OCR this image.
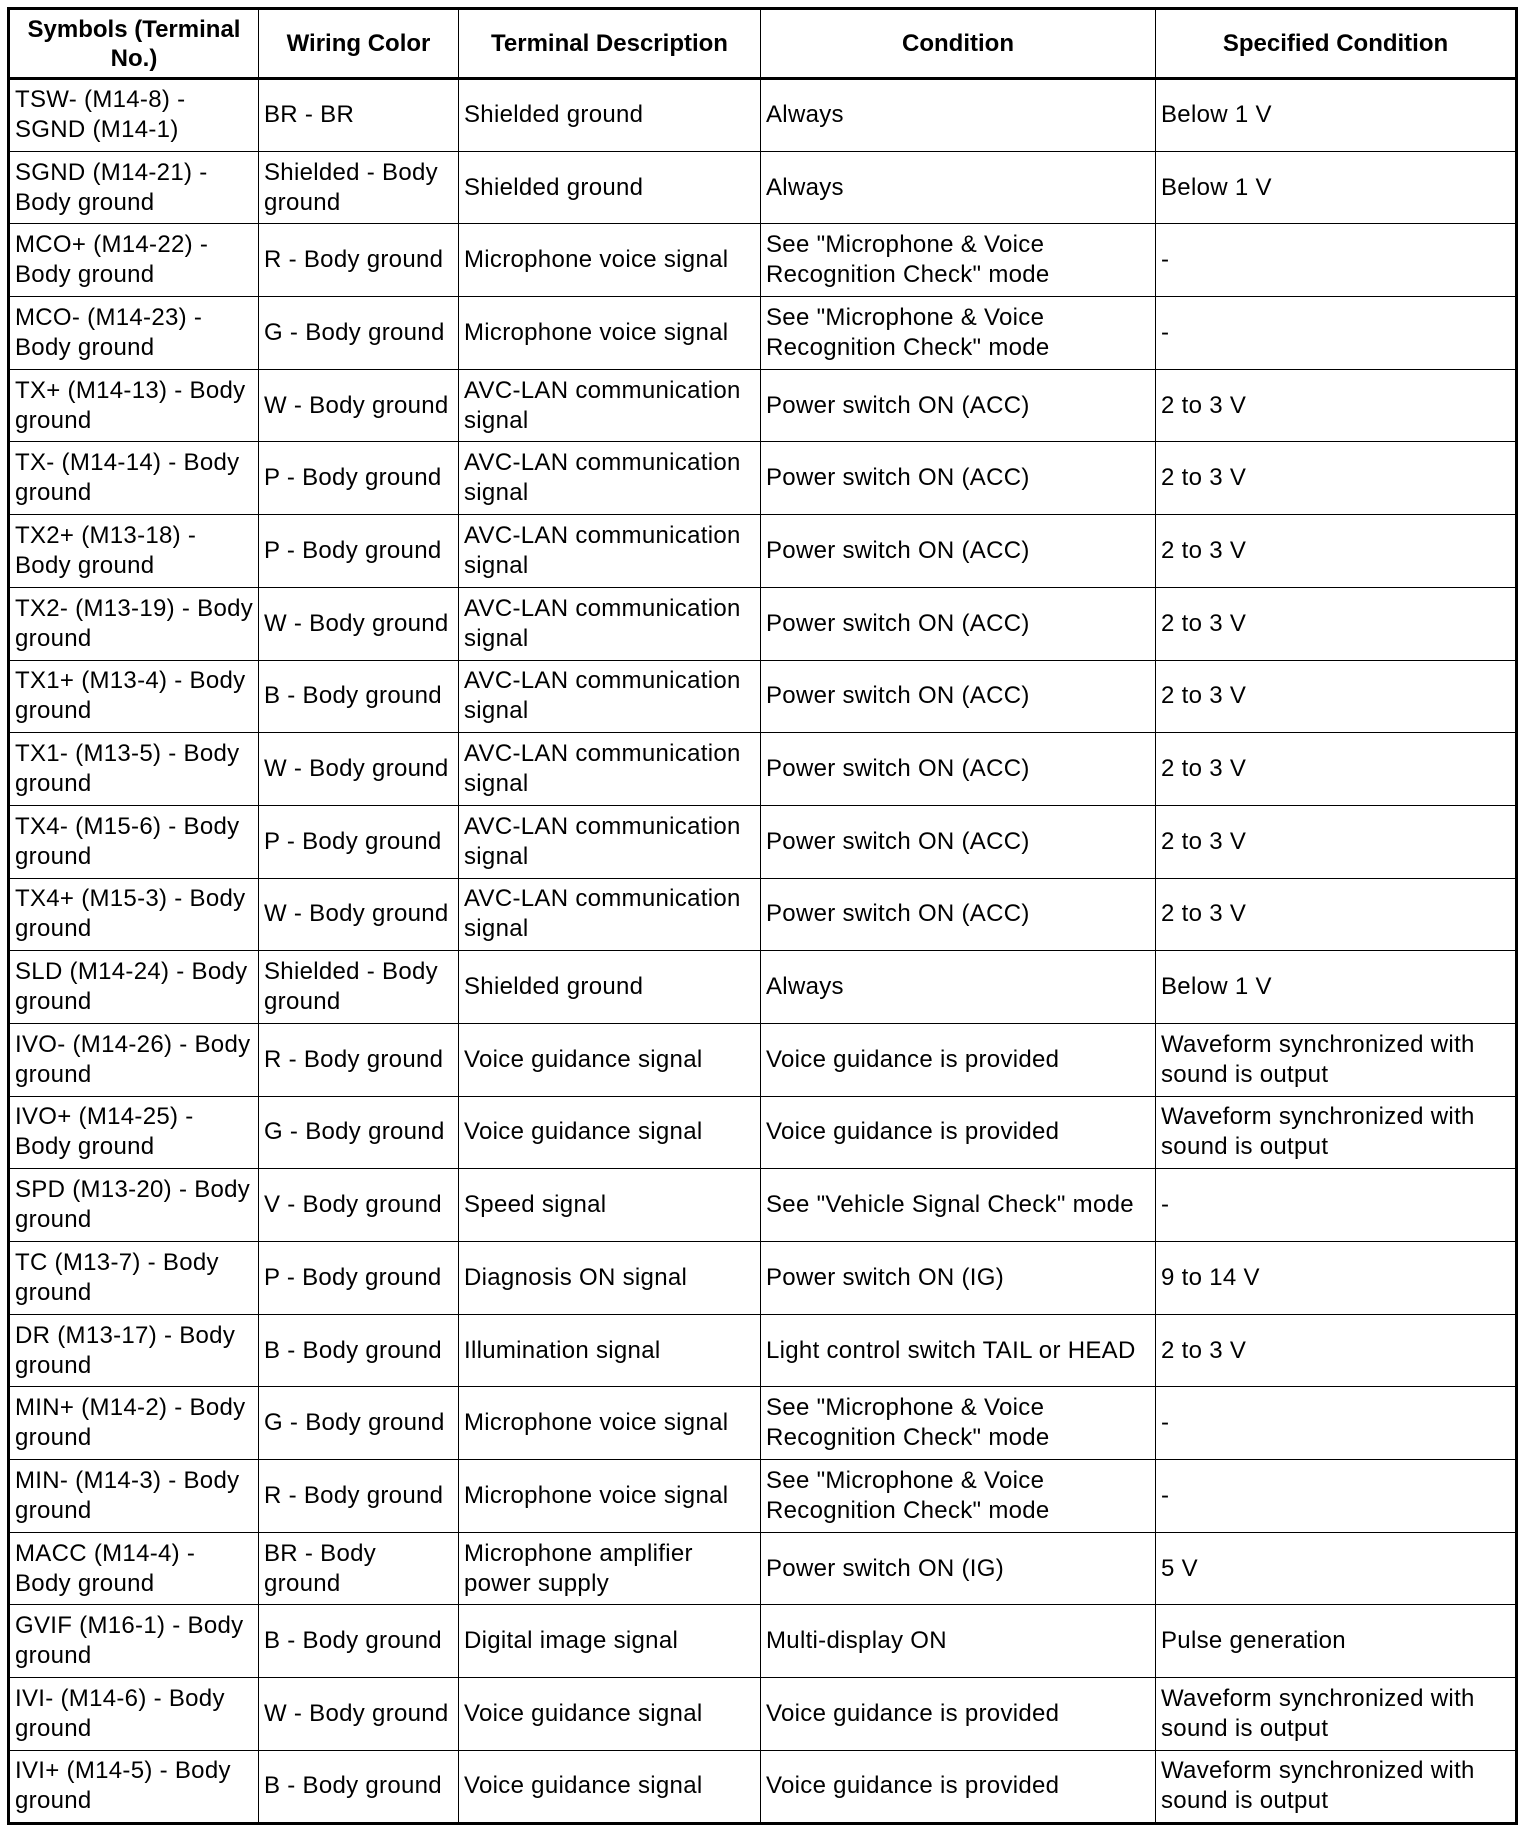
Symbols (Terminal No.)	Wiring Color	Terminal Description	Condition	Specified Condition
TSW- (M14-8) - SGND (M14-1)	BR - BR	Shielded ground	Always	Below 1 V
SGND (M14-21) - Body ground	Shielded - Body ground	Shielded ground	Always	Below 1 V
MCO+ (M14-22) - Body ground	R - Body ground	Microphone voice signal	See "Microphone & Voice Recognition Check" mode	-
MCO- (M14-23) - Body ground	G - Body ground	Microphone voice signal	See "Microphone & Voice Recognition Check" mode	-
TX+ (M14-13) - Body ground	W - Body ground	AVC-LAN communication signal	Power switch ON (ACC)	2 to 3 V
TX- (M14-14) - Body ground	P - Body ground	AVC-LAN communication signal	Power switch ON (ACC)	2 to 3 V
TX2+ (M13-18) - Body ground	P - Body ground	AVC-LAN communication signal	Power switch ON (ACC)	2 to 3 V
TX2- (M13-19) - Body ground	W - Body ground	AVC-LAN communication signal	Power switch ON (ACC)	2 to 3 V
TX1+ (M13-4) - Body ground	B - Body ground	AVC-LAN communication signal	Power switch ON (ACC)	2 to 3 V
TX1- (M13-5) - Body ground	W - Body ground	AVC-LAN communication signal	Power switch ON (ACC)	2 to 3 V
TX4- (M15-6) - Body ground	P - Body ground	AVC-LAN communication signal	Power switch ON (ACC)	2 to 3 V
TX4+ (M15-3) - Body ground	W - Body ground	AVC-LAN communication signal	Power switch ON (ACC)	2 to 3 V
SLD (M14-24) - Body ground	Shielded - Body ground	Shielded ground	Always	Below 1 V
IVO- (M14-26) - Body ground	R - Body ground	Voice guidance signal	Voice guidance is provided	Waveform synchronized with sound is output
IVO+ (M14-25) - Body ground	G - Body ground	Voice guidance signal	Voice guidance is provided	Waveform synchronized with sound is output
SPD (M13-20) - Body ground	V - Body ground	Speed signal	See "Vehicle Signal Check" mode	-
TC (M13-7) - Body ground	P - Body ground	Diagnosis ON signal	Power switch ON (IG)	9 to 14 V
DR (M13-17) - Body ground	B - Body ground	Illumination signal	Light control switch TAIL or HEAD	2 to 3 V
MIN+ (M14-2) - Body ground	G - Body ground	Microphone voice signal	See "Microphone & Voice Recognition Check" mode	-
MIN- (M14-3) - Body ground	R - Body ground	Microphone voice signal	See "Microphone & Voice Recognition Check" mode	-
MACC (M14-4) - Body ground	BR - Body ground	Microphone amplifier power supply	Power switch ON (IG)	5 V
GVIF (M16-1) - Body ground	B - Body ground	Digital image signal	Multi-display ON	Pulse generation
IVI- (M14-6) - Body ground	W - Body ground	Voice guidance signal	Voice guidance is provided	Waveform synchronized with sound is output
IVI+ (M14-5) - Body ground	B - Body ground	Voice guidance signal	Voice guidance is provided	Waveform synchronized with sound is output
